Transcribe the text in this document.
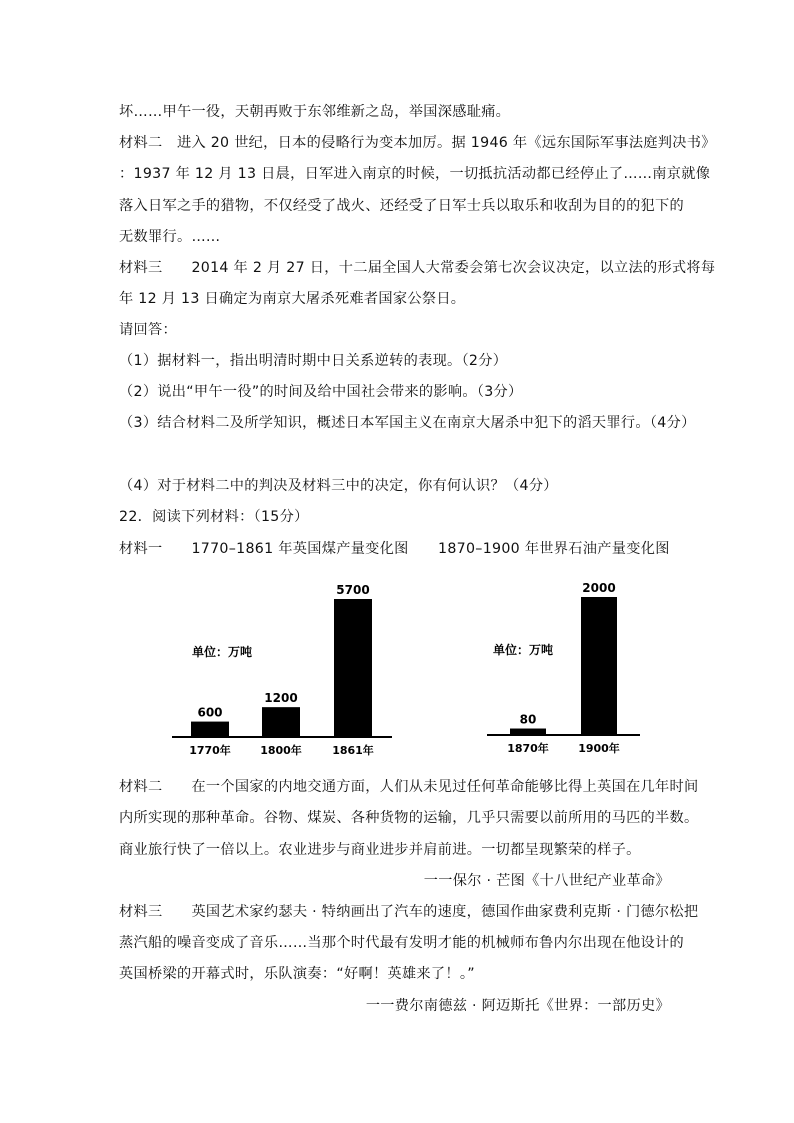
坏……甲午一役，天朝再败于东邻维新之岛，举国深感耻痛。
材料二　进入 20 世纪，日本的侵略行为变本加厉。据 1946 年《远东国际军事法庭判决书》
：1937 年 12 月 13 日晨，日军进入南京的时候，一切抵抗活动都已经停止了……南京就像
落入日军之手的猎物，不仅经受了战火、还经受了日军士兵以取乐和收刮为目的的犯下的
无数罪行。……
材料三　　2014 年 2 月 27 日，十二届全国人大常委会第七次会议决定，以立法的形式将每
年 12 月 13 日确定为南京大屠杀死难者国家公祭日。
请回答：
（1）据材料一，指出明清时期中日关系逆转的表现。（2分）
（2）说出“甲午一役”的时间及给中国社会带来的影响。（3分）
（3）结合材料二及所学知识，概述日本军国主义在南京大屠杀中犯下的滔天罪行。（4分）
（4）对于材料二中的判决及材料三中的决定，你有何认识？（4分）
22．阅读下列材料：（15分）
材料一　　1770–1861 年英国煤产量变化图 1870–1900 年世界石油产量变化图
单位：万吨
600
1770年
1200
1800年
5700
1861年
单位：万吨
80
1870年
2000
1900年
材料二　　在一个国家的内地交通方面，人们从未见过任何革命能够比得上英国在几年时间
内所实现的那种革命。谷物、煤炭、各种货物的运输，几乎只需要以前所用的马匹的半数。
商业旅行快了一倍以上。农业进步与商业进步并肩前进。一切都呈现繁荣的样子。
一一保尔 · 芒图《十八世纪产业革命》
材料三　　英国艺术家约瑟夫 · 特纳画出了汽车的速度，德国作曲家费利克斯 · 门德尔松把
蒸汽船的噪音变成了音乐……当那个时代最有发明才能的机械师布鲁内尔出现在他设计的
英国桥梁的开幕式时，乐队演奏：“好啊！英雄来了！。”
一一费尔南德兹 · 阿迈斯托《世界：一部历史》
